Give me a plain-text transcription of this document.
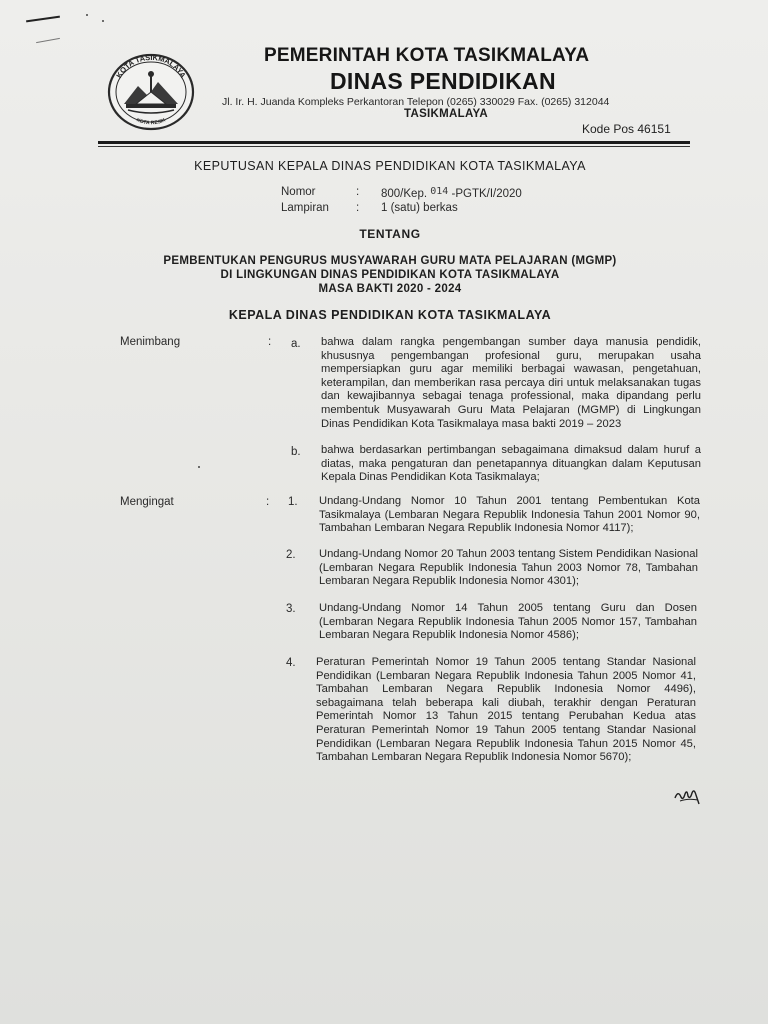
KOTA TASIKMALAYA
KOTA RESIK
PEMERINTAH KOTA TASIKMALAYA
DINAS PENDIDIKAN
Jl. Ir. H. Juanda Kompleks Perkantoran Telepon (0265) 330029 Fax. (0265) 312044
TASIKMALAYA
Kode Pos 46151
KEPUTUSAN KEPALA DINAS PENDIDIKAN KOTA TASIKMALAYA
Nomor	: 800/Kep. 014 -PGTK/I/2020
Lampiran : 1 (satu) berkas
TENTANG
PEMBENTUKAN PENGURUS MUSYAWARAH GURU MATA PELAJARAN (MGMP)
DI LINGKUNGAN DINAS PENDIDIKAN KOTA TASIKMALAYA
MASA BAKTI 2020 - 2024
KEPALA DINAS PENDIDIKAN KOTA TASIKMALAYA
Menimbang	: a. bahwa dalam rangka pengembangan sumber daya manusia pendidik, khususnya pengembangan profesional guru, merupakan usaha mempersiapkan guru agar memiliki berbagai wawasan, pengetahuan, keterampilan, dan memberikan rasa percaya diri untuk melaksanakan tugas dan kewajibannya sebagai tenaga professional, maka dipandang perlu membentuk Musyawarah Guru Mata Pelajaran (MGMP) di Lingkungan Dinas Pendidikan Kota Tasikmalaya masa bakti 2019 – 2023
b. bahwa berdasarkan pertimbangan sebagaimana dimaksud dalam huruf a diatas, maka pengaturan dan penetapannya dituangkan dalam Keputusan Kepala Dinas Pendidikan Kota Tasikmalaya;
Mengingat	: 1. Undang-Undang Nomor 10 Tahun 2001 tentang Pembentukan Kota Tasikmalaya (Lembaran Negara Republik Indonesia Tahun 2001 Nomor 90, Tambahan Lembaran Negara Republik Indonesia Nomor 4117);
2. Undang-Undang Nomor 20 Tahun 2003 tentang Sistem Pendidikan Nasional (Lembaran Negara Republik Indonesia Tahun 2003 Nomor 78, Tambahan Lembaran Negara Republik Indonesia Nomor 4301);
3. Undang-Undang Nomor 14 Tahun 2005 tentang Guru dan Dosen (Lembaran Negara Republik Indonesia Tahun 2005 Nomor 157, Tambahan Lembaran Negara Republik Indonesia Nomor 4586);
4. Peraturan Pemerintah Nomor 19 Tahun 2005 tentang Standar Nasional Pendidikan (Lembaran Negara Republik Indonesia Tahun 2005 Nomor 41, Tambahan Lembaran Negara Republik Indonesia Nomor 4496), sebagaimana telah beberapa kali diubah, terakhir dengan Peraturan Pemerintah Nomor 13 Tahun 2015 tentang Perubahan Kedua atas Peraturan Pemerintah Nomor 19 Tahun 2005 tentang Standar Nasional Pendidikan (Lembaran Negara Republik Indonesia Tahun 2015 Nomor 45, Tambahan Lembaran Negara Republik Indonesia Nomor 5670);
